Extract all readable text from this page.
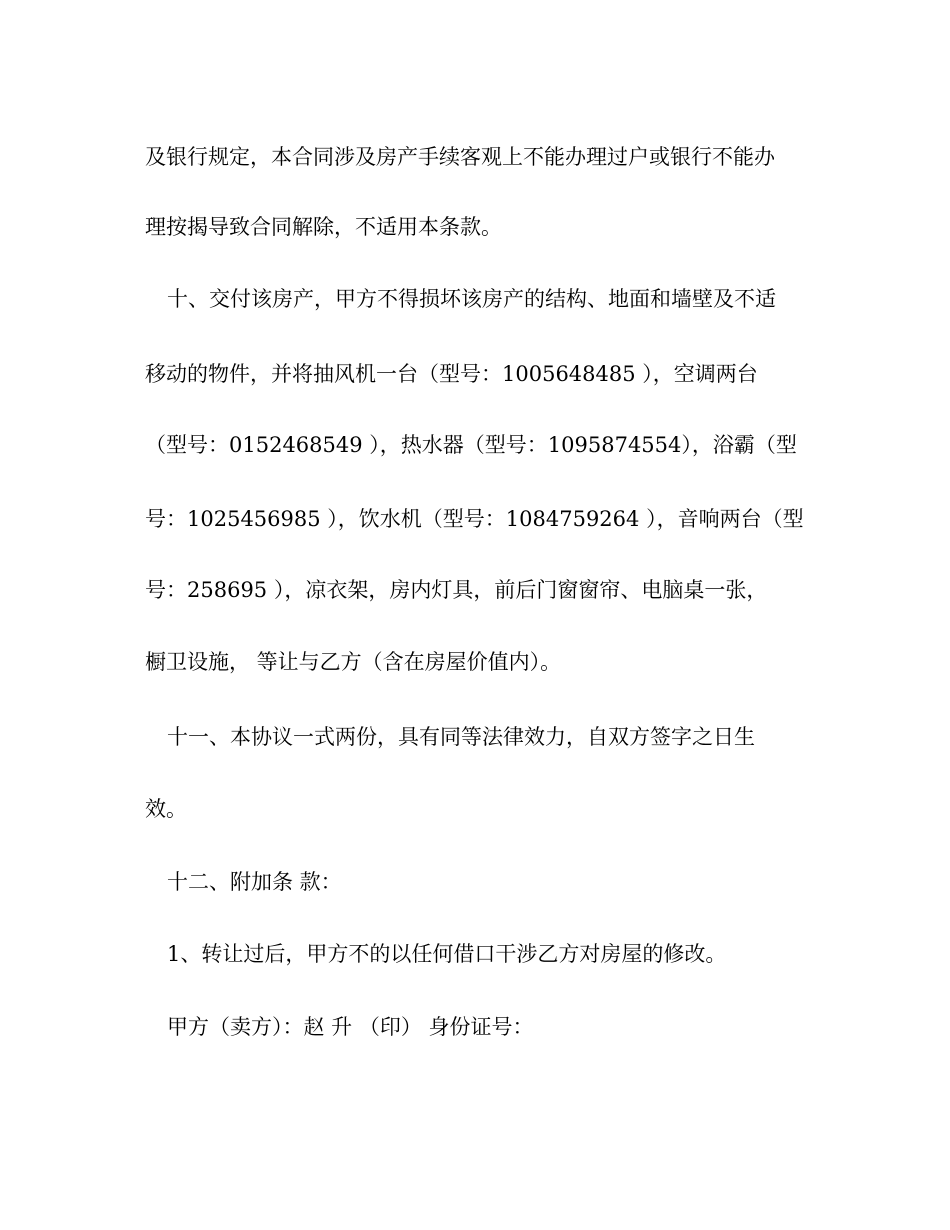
及银行规定，本合同涉及房产手续客观上不能办理过户或银行不能办
理按揭导致合同解除，不适用本条款。
十、交付该房产，甲方不得损坏该房产的结构、地面和墙壁及不适
移动的物件，并将抽风机一台（型号：1005648485 ），空调两台
（型号：0152468549 ），热水器（型号：1095874554），浴霸（型
号：1025456985 ），饮水机（型号：1084759264 ），音响两台（型
号：258695 ），凉衣架，房内灯具，前后门窗窗帘、电脑桌一张，
橱卫设施， 等让与乙方（含在房屋价值内）。
十一、本协议一式两份，具有同等法律效力，自双方签字之日生
效。
十二、附加条 款：
1、转让过后，甲方不的以任何借口干涉乙方对房屋的修改。
甲方（卖方）：赵 升 （印） 身份证号：
